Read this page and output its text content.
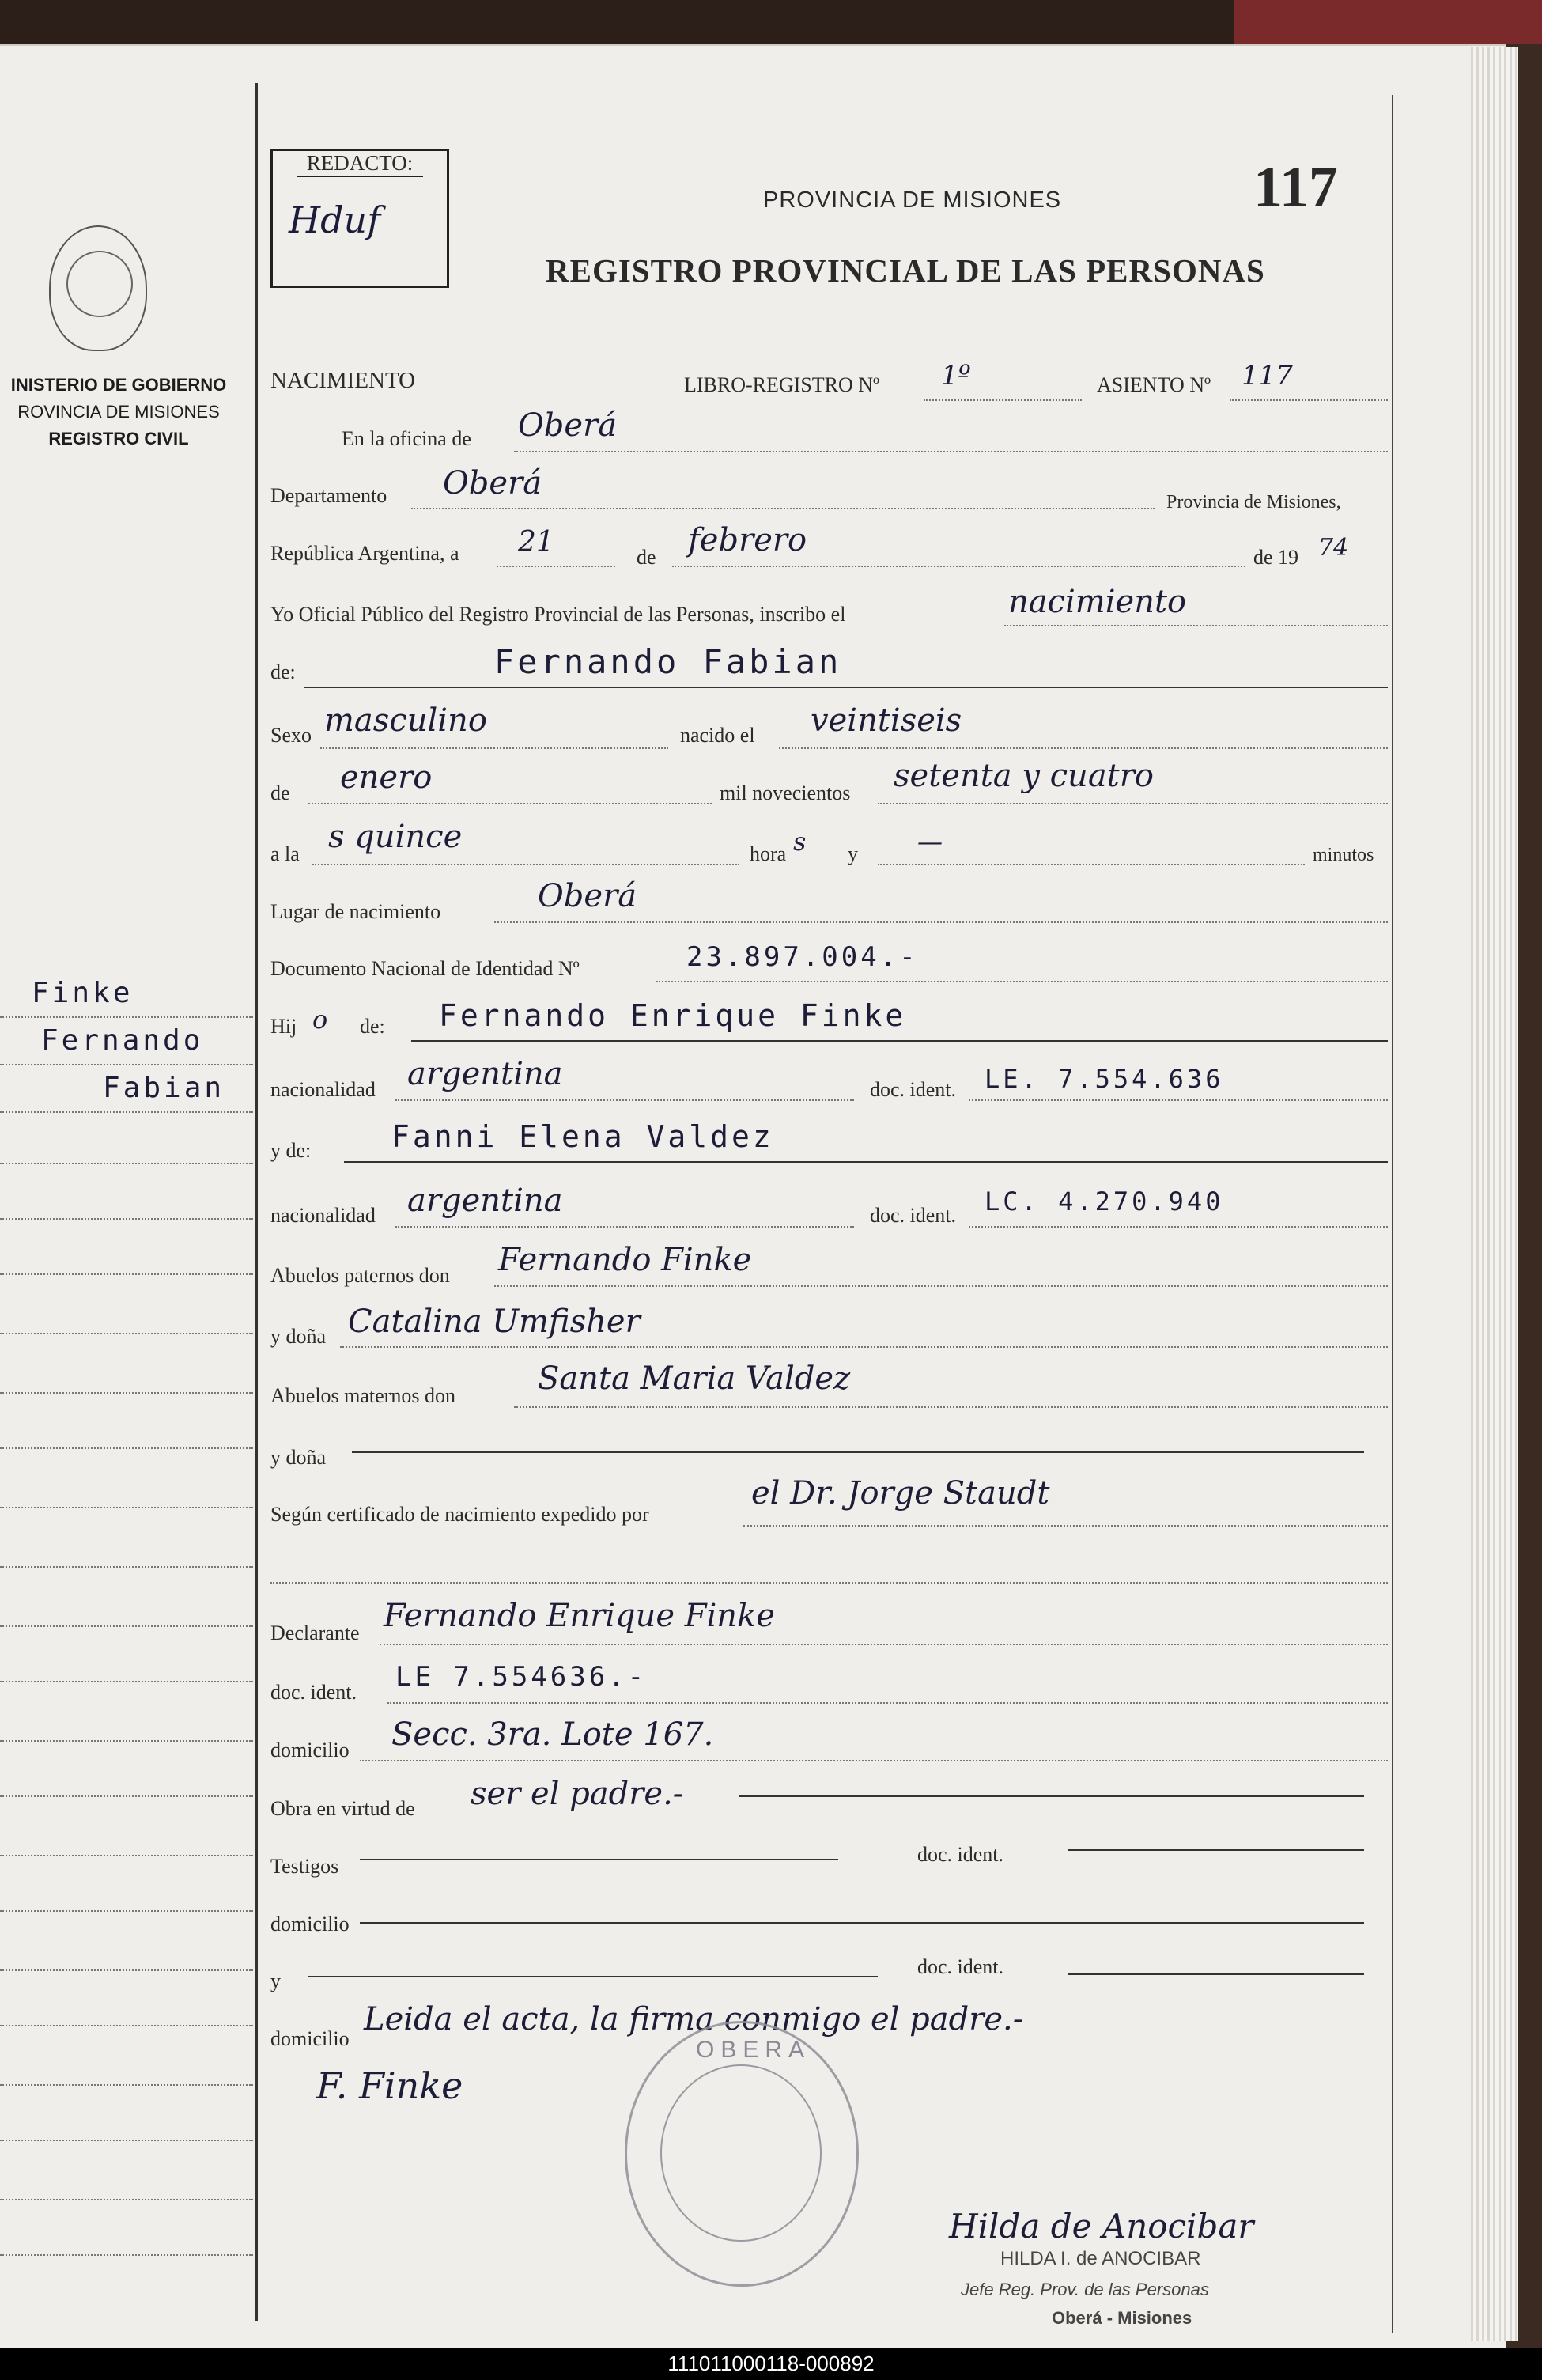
INISTERIO DE GOBIERNO
ROVINCIA DE MISIONES
REGISTRO CIVIL
Finke
Fernando
Fabian
REDACTO:
Hduf	PROVINCIA DE MISIONES	117
REGISTRO PROVINCIAL DE LAS PERSONAS
NACIMIENTO	LIBRO-REGISTRO Nº 1º	ASIENTO Nº 117
En la oficina de Oberá
Departamento Oberá
Provincia de Misiones,
República Argentina, a 21	de febrero	de 19 74
Yo Oficial Público del Registro Provincial de las Personas, inscribo el	nacimiento
de:	Fernando Fabian
Sexo masculino	nacido el veintiseis
de enero	mil novecientos setenta y cuatro
a la s quince	hora s y —	minutos
Lugar de nacimiento	Oberá
Documento Nacional de Identidad Nº	23.897.004.-
Hij o de: Fernando Enrique Finke
nacionalidad argentina	doc. ident. LE. 7.554.636
y de:	Fanni Elena Valdez
nacionalidad argentina	doc. ident. LC. 4.270.940
Abuelos paternos don Fernando Finke
y doña Catalina Umfisher
Abuelos maternos don	Santa Maria Valdez
y doña
Según certificado de nacimiento expedido por
el Dr. Jorge Staudt
Declarante Fernando Enrique Finke
doc. ident. LE 7.554636.-
domicilio Secc. 3ra. Lote 167.
Obra en virtud de ser el padre.-
Testigos
doc. ident.
domicilio
y
doc. ident.
domicilio
Leida el acta, la firma conmigo el padre.-
F. Finke
OBERA
Hilda de Anocibar
HILDA I. de ANOCIBAR
Jefe Reg. Prov. de las Personas
Oberá - Misiones
111011000118-000892
